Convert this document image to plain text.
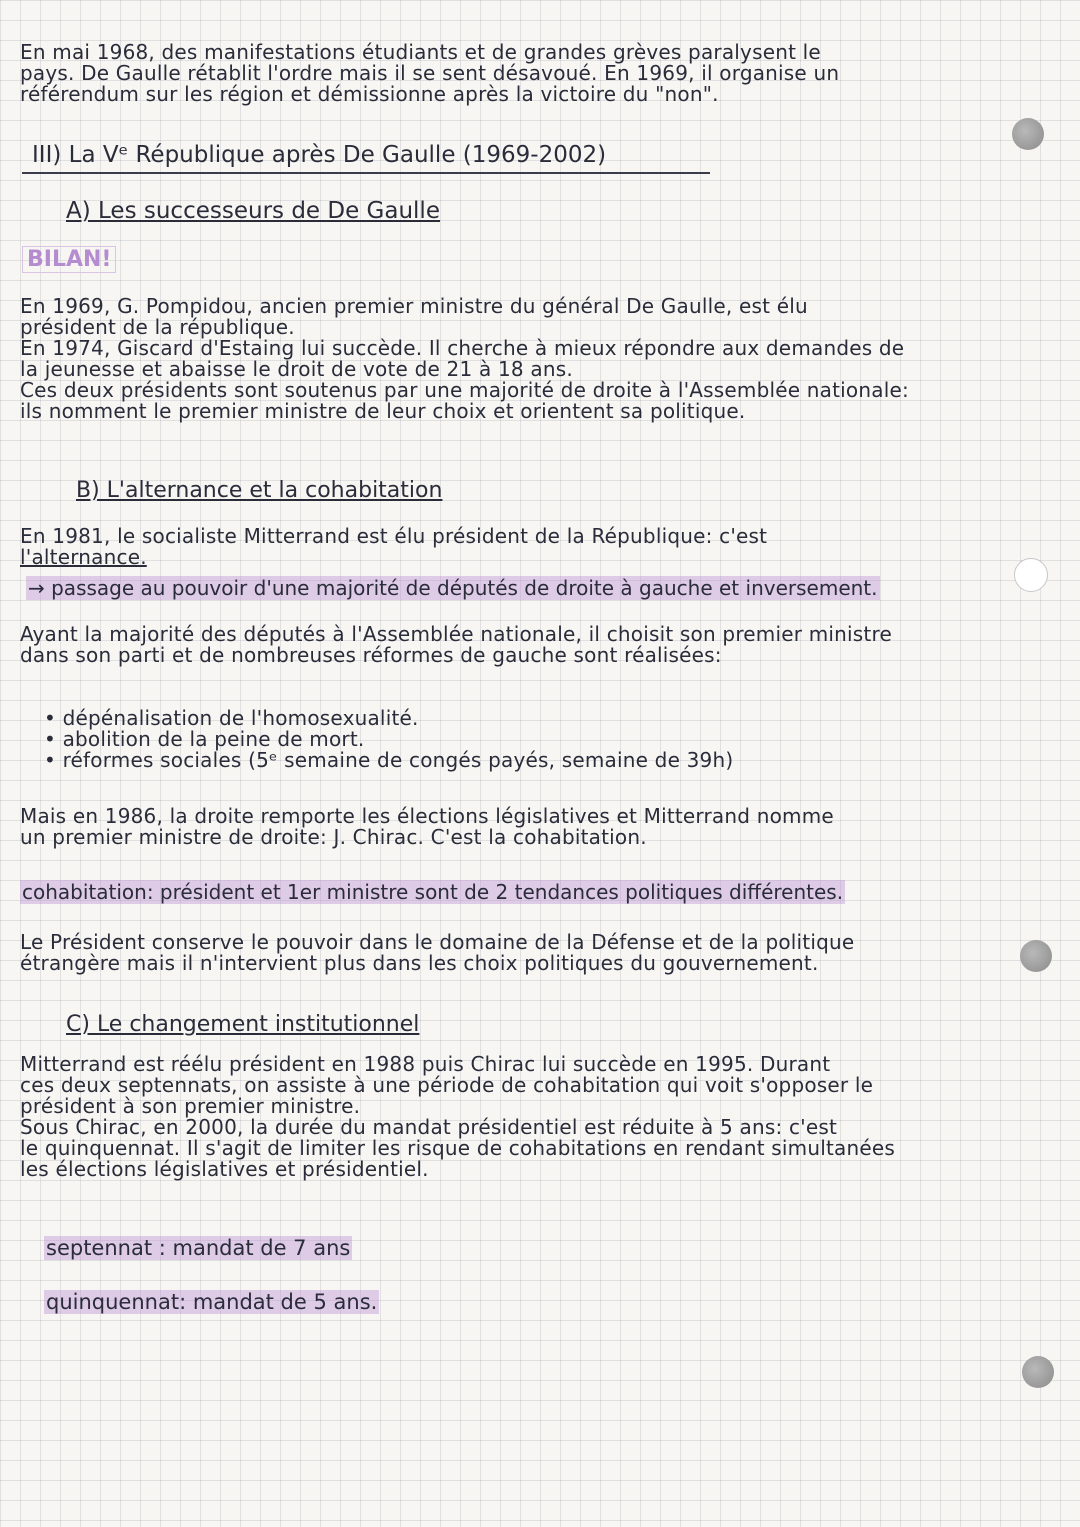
En mai 1968, des manifestations étudiants et de grandes grèves paralysent le

pays. De Gaulle rétablit l'ordre mais il se sent désavoué. En 1969, il organise un

référendum sur les région et démissionne après la victoire du "non".

III) La Vᵉ République après De Gaulle (1969-2002)
A) Les successeurs de De Gaulle
BILAN!

En 1969, G. Pompidou, ancien premier ministre du général De Gaulle, est élu

président de la république.

En 1974, Giscard d'Estaing lui succède. Il cherche à mieux répondre aux demandes de

la jeunesse et abaisse le droit de vote de 21 à 18 ans.

Ces deux présidents sont soutenus par une majorité de droite à l'Assemblée nationale:

ils nomment le premier ministre de leur choix et orientent sa politique.

B) L'alternance et la cohabitation

En 1981, le socialiste Mitterrand est élu président de la République: c'est

l'alternance.

→ passage au pouvoir d'une majorité de députés de droite à gauche et inversement.

Ayant la majorité des députés à l'Assemblée nationale, il choisit son premier ministre

dans son parti et de nombreuses réformes de gauche sont réalisées:

• dépénalisation de l'homosexualité.
• abolition de la peine de mort.
• réformes sociales (5ᵉ semaine de congés payés, semaine de 39h)

Mais en 1986, la droite remporte les élections législatives et Mitterrand nomme

un premier ministre de droite: J. Chirac. C'est la cohabitation.

cohabitation: président et 1er ministre sont de 2 tendances politiques différentes.

Le Président conserve le pouvoir dans le domaine de la Défense et de la politique

étrangère mais il n'intervient plus dans les choix politiques du gouvernement.

C) Le changement institutionnel

Mitterrand est réélu président en 1988 puis Chirac lui succède en 1995. Durant

ces deux septennats, on assiste à une période de cohabitation qui voit s'opposer le

président à son premier ministre.

Sous Chirac, en 2000, la durée du mandat présidentiel est réduite à 5 ans: c'est

le quinquennat. Il s'agit de limiter les risque de cohabitations en rendant simultanées

les élections législatives et présidentiel.

septennat : mandat de 7 ans
quinquennat: mandat de 5 ans.
